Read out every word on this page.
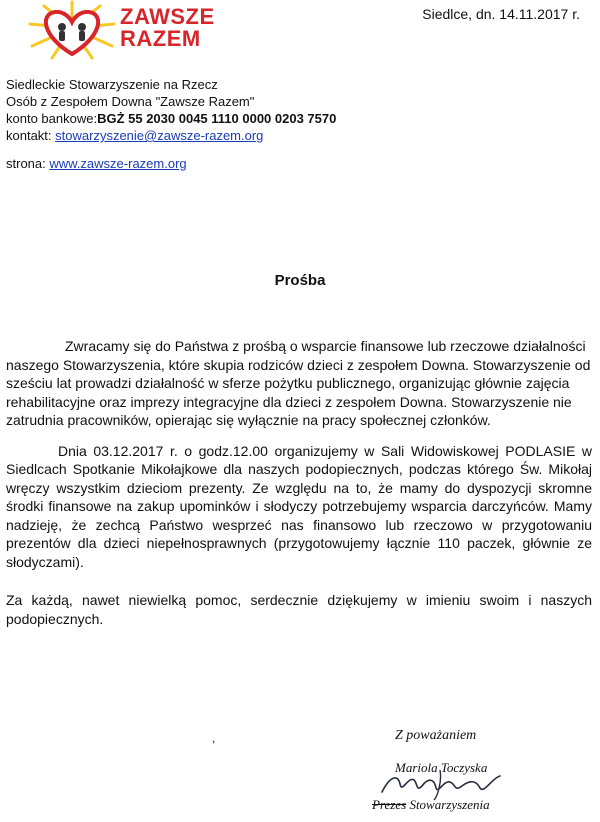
ZAWSZE
RAZEM
Siedlce, dn. 14.11.2017 r.
Siedleckie Stowarzyszenie na Rzecz
Osób z Zespołem Downa "Zawsze Razem"
konto bankowe:BGŻ 55 2030 0045 1110 0000 0203 7570
kontakt: stowarzyszenie@zawsze-razem.org
strona: www.zawsze-razem.org
Prośba

Zwracamy się do Państwa z prośbą o wsparcie finansowe lub rzeczowe działalności naszego Stowarzyszenia, które skupia rodziców dzieci z zespołem Downa. Stowarzyszenie od sześciu lat prowadzi działalność w sferze pożytku publicznego, organizując głównie zajęcia rehabilitacyjne oraz imprezy integracyjne dla dzieci z zespołem Downa. Stowarzyszenie nie zatrudnia pracowników, opierając się wyłącznie na pracy społecznej członków.

Dnia 03.12.2017 r. o godz.12.00 organizujemy w Sali Widowiskowej PODLASIE w Siedlcach Spotkanie Mikołajkowe dla naszych podopiecznych, podczas którego Św. Mikołaj wręczy wszystkim dzieciom prezenty. Ze względu na to, że mamy do dyspozycji skromne środki finansowe na zakup upominków i słodyczy potrzebujemy wsparcia darczyńców. Mamy nadzieję, że zechcą Państwo wesprzeć nas finansowo lub rzeczowo w przygotowaniu prezentów dla dzieci niepełnosprawnych (przygotowujemy łącznie 110 paczek, głównie ze słodyczami).

Za każdą, nawet niewielką pomoc, serdecznie dziękujemy w imieniu swoim i naszych podopiecznych.

,	Z poważaniem
Mariola Toczyska
Prezes Stowarzyszenia
